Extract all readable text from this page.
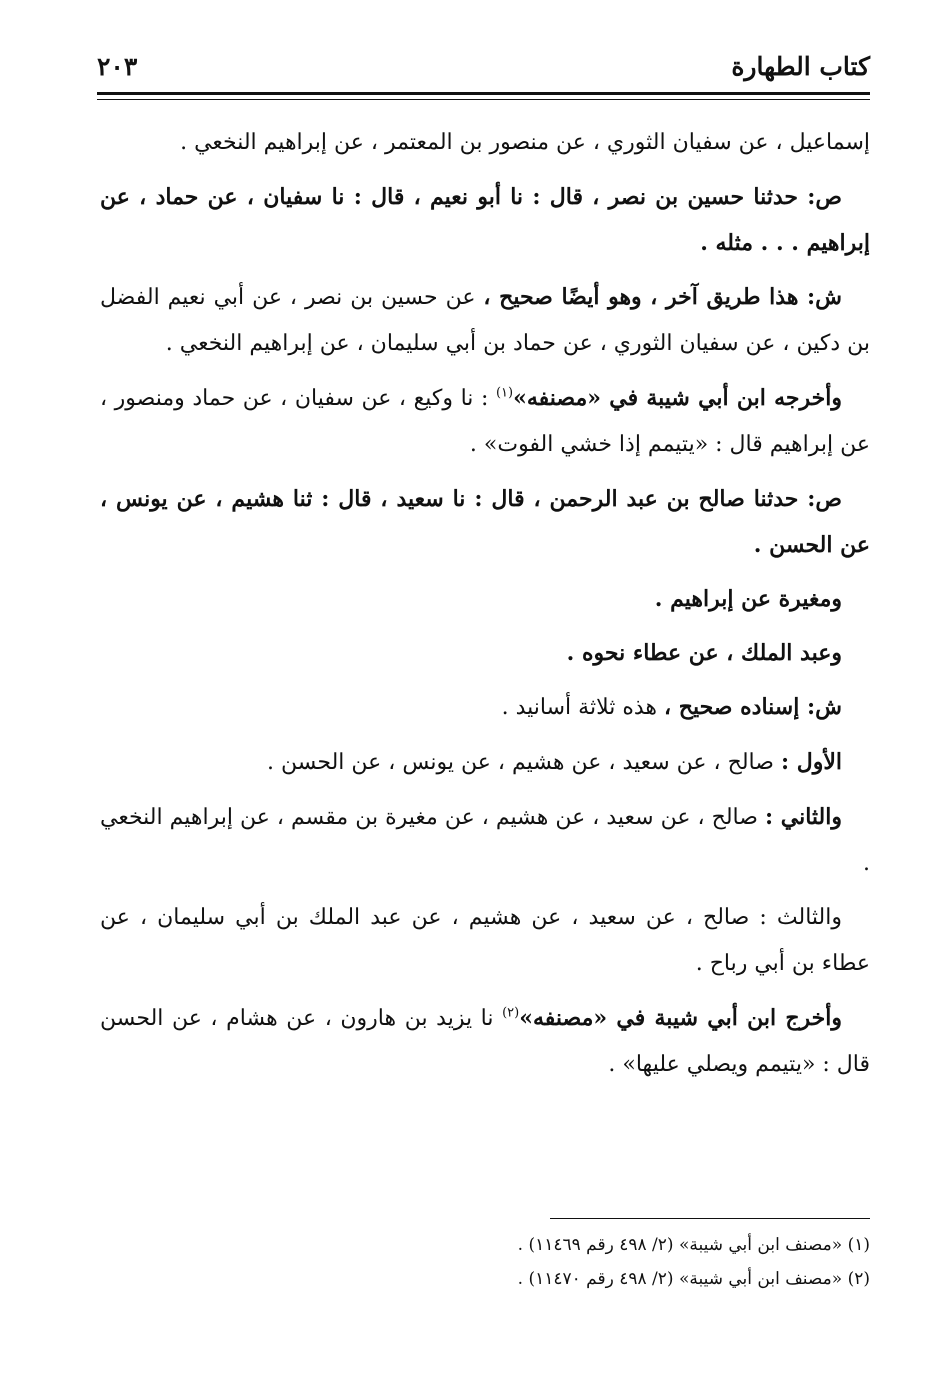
كتاب الطهارة
٢٠٣

إسماعيل ، عن سفيان الثوري ، عن منصور بن المعتمر ، عن إبراهيم النخعي .

ص: حدثنا حسين بن نصر ، قال : نا أبو نعيم ، قال : نا سفيان ، عن حماد ، عن إبراهيم . . . مثله .

ش: هذا طريق آخر ، وهو أيضًا صحيح ، عن حسين بن نصر ، عن أبي نعيم الفضل بن دكين ، عن سفيان الثوري ، عن حماد بن أبي سليمان ، عن إبراهيم النخعي .

وأخرجه ابن أبي شيبة في «مصنفه»$^{(١)}$ : نا وكيع ، عن سفيان ، عن حماد ومنصور ، عن إبراهيم قال : «يتيمم إذا خشي الفوت» .

ص: حدثنا صالح بن عبد الرحمن ، قال : نا سعيد ، قال : ثنا هشيم ، عن يونس ، عن الحسن .

ومغيرة عن إبراهيم .

وعبد الملك ، عن عطاء نحوه .

ش: إسناده صحيح ، هذه ثلاثة أسانيد .

الأول : صالح ، عن سعيد ، عن هشيم ، عن يونس ، عن الحسن .

والثاني : صالح ، عن سعيد ، عن هشيم ، عن مغيرة بن مقسم ، عن إبراهيم النخعي .

والثالث : صالح ، عن سعيد ، عن هشيم ، عن عبد الملك بن أبي سليمان ، عن عطاء بن أبي رباح .

وأخرج ابن أبي شيبة في «مصنفه»$^{(٢)}$ نا يزيد بن هارون ، عن هشام ، عن الحسن قال : «يتيمم ويصلي عليها» .

(١) «مصنف ابن أبي شيبة» (٢/ ٤٩٨ رقم ١١٤٦٩) .

(٢) «مصنف ابن أبي شيبة» (٢/ ٤٩٨ رقم ١١٤٧٠) .
